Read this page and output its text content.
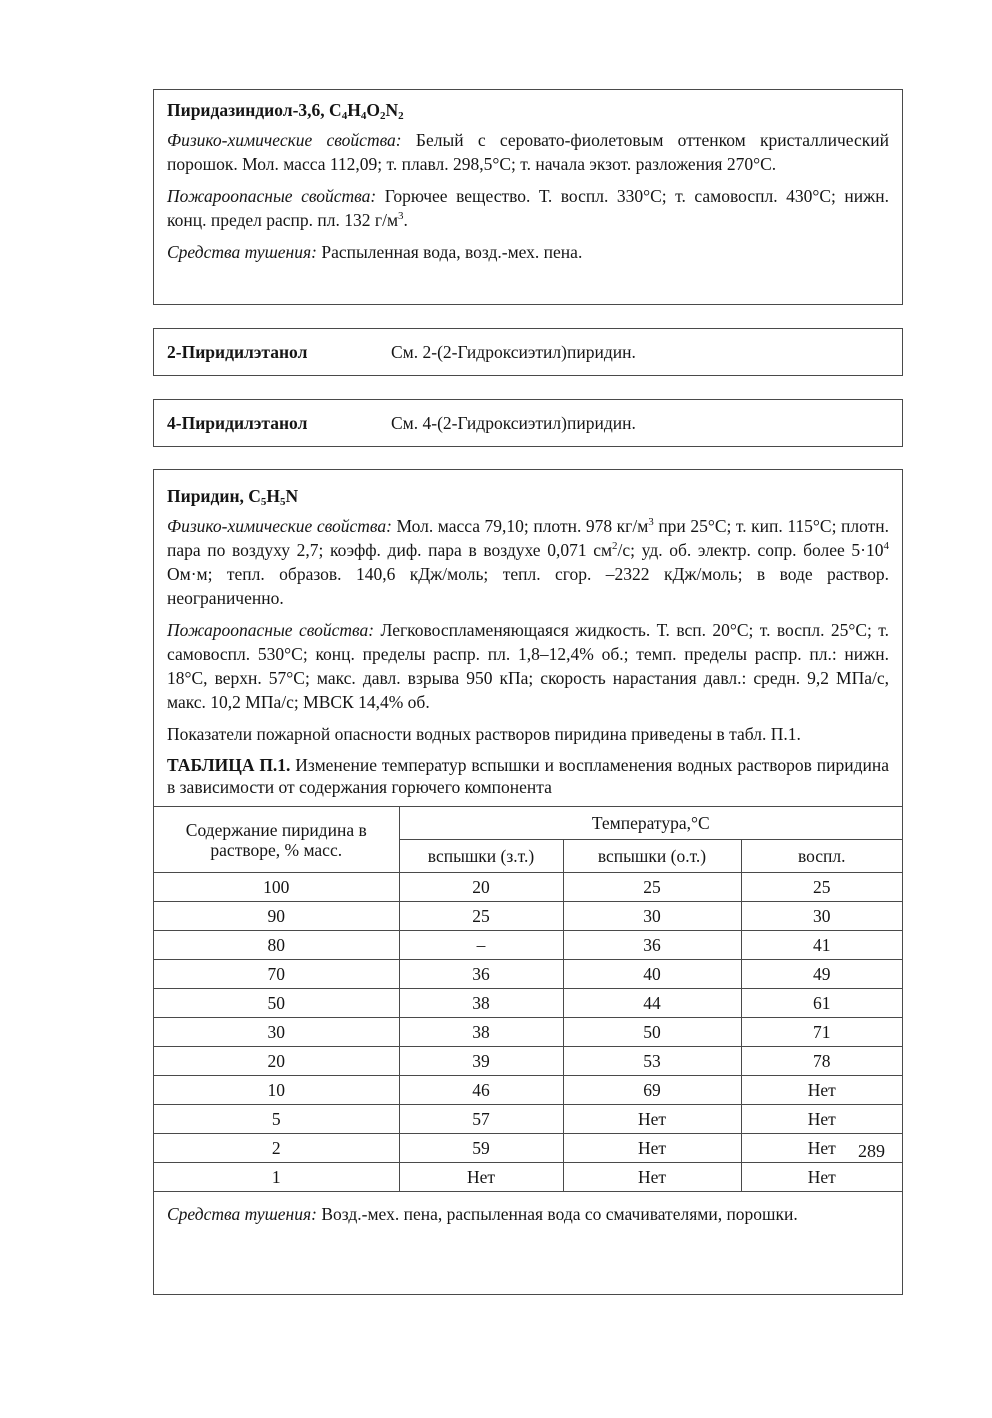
Пиридазиндиол-3,6, $C_4H_4O_2N_2$

Физико-химические свойства: Белый с серовато-фиолетовым оттенком кристаллический порошок. Мол. масса 112,09; т. плавл. 298,5°С; т. начала экзот. разложения 270°С.

Пожароопасные свойства: Горючее вещество. Т. воспл. 330°С; т. самовоспл. 430°С; нижн. конц. предел распр. пл. 132 $г/м^3$.

Средства тушения: Распыленная вода, возд.-мех. пена.

2-Пиридилэтанол	См. 2-(2-Гидроксиэтил)пиридин.
4-Пиридилэтанол	См. 4-(2-Гидроксиэтил)пиридин.
Пиридин, $C_5H_5N$

Физико-химические свойства: Мол. масса 79,10; плотн. 978 $кг/м^3$ при 25°С; т. кип. 115°С; плотн. пара по воздуху 2,7; коэфф. диф. пара в воздухе 0,071 $см^2/с$; уд. об. электр. сопр. более $5\cdot 10^4$ Ом·м; тепл. образов. 140,6 кДж/моль; тепл. сгор. –2322 кДж/моль; в воде раствор. неограниченно.

Пожароопасные свойства: Легковоспламеняющаяся жидкость. Т. всп. 20°С; т. воспл. 25°С; т. самовоспл. 530°С; конц. пределы распр. пл. 1,8–12,4% об.; темп. пределы распр. пл.: нижн. 18°С, верхн. 57°С; макс. давл. взрыва 950 кПа; скорость нарастания давл.: средн. 9,2 МПа/с, макс. 10,2 МПа/с; МВСК 14,4% об.

Показатели пожарной опасности водных растворов пиридина приведены в табл. П.1.

ТАБЛИЦА П.1. Изменение температур вспышки и воспламенения водных растворов пиридина в зависимости от содержания горючего компонента

Содержание пиридина в растворе, % масс.	Температура,°С		
	вспышки (з.т.)	вспышки (о.т.)	воспл.
100	20	25	25
90	25	30	30
80	–	36	41
70	36	40	49
50	38	44	61
30	38	50	71
20	39	53	78
10	46	69	Нет
5	57	Нет	Нет
2	59	Нет	Нет
1	Нет	Нет	Нет

Средства тушения: Возд.-мех. пена, распыленная вода со смачивателями, порошки.

289
